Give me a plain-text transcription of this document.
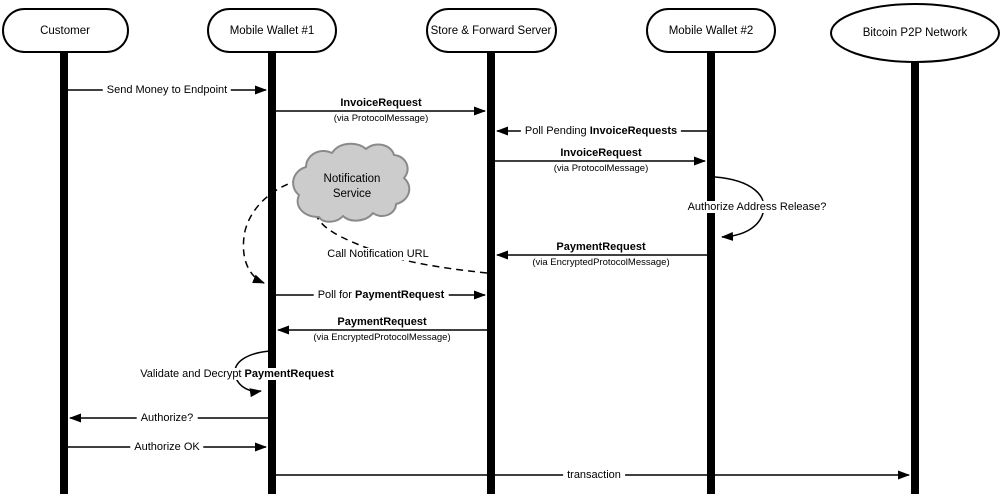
Customer	Mobile Wallet #1	Store & Forward Server	Mobile Wallet #2	Bitcoin P2P Network
Notification
Service
Send Money to Endpoint
InvoiceRequest
(via ProtocolMessage)
Poll Pending InvoiceRequests
InvoiceRequest
(via ProtocolMessage)
Authorize Address Release?
PaymentRequest
(via EncryptedProtocolMessage)
Call Notification URL
Poll for PaymentRequest
PaymentRequest
(via EncryptedProtocolMessage)
Validate and Decrypt PaymentRequest
Authorize?
Authorize OK
transaction
